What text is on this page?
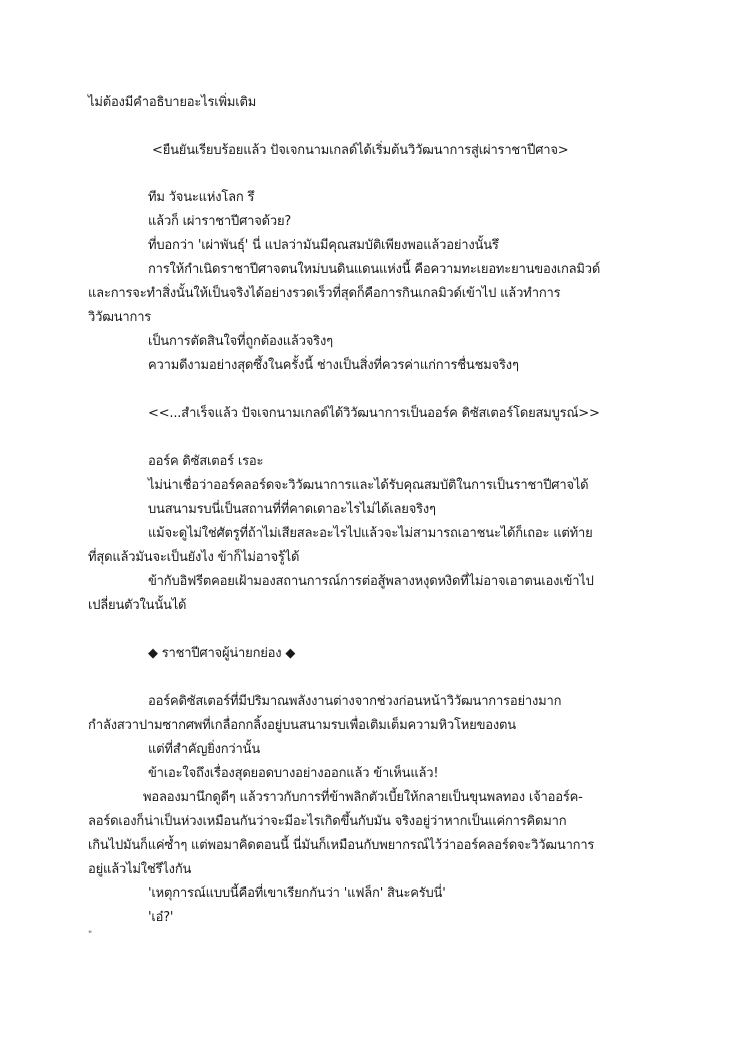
ไม่ต้องมีคำอธิบายอะไรเพิ่มเติม
<ยืนยันเรียบร้อยแล้ว ปัจเจกนามเกลด์ได้เริ่มต้นวิวัฒนาการสู่เผ่าราชาปีศาจ>
ทีม วัจนะแห่งโลก รึ
แล้วก็ เผ่าราชาปีศาจด้วย?
ที่บอกว่า 'เผ่าพันธุ์' นี่ แปลว่ามันมีคุณสมบัติเพียงพอแล้วอย่างนั้นรึ
การให้กำเนิดราชาปีศาจตนใหม่บนดินแดนแห่งนี้ คือความทะเยอทะยานของเกลมิวด์
และการจะทำสิ่งนั้นให้เป็นจริงได้อย่างรวดเร็วที่สุดก็คือการกินเกลมิวด์เข้าไป แล้วทำการ
วิวัฒนาการ
เป็นการตัดสินใจที่ถูกต้องแล้วจริงๆ
ความดีงามอย่างสุดซึ้งในครั้งนี้ ช่างเป็นสิ่งที่ควรค่าแก่การชื่นชมจริงๆ
<<...สำเร็จแล้ว ปัจเจกนามเกลด์ได้วิวัฒนาการเป็นออร์ค ดิซัสเตอร์โดยสมบูรณ์>>
ออร์ค ดิซัสเตอร์ เรอะ
ไม่น่าเชื่อว่าออร์คลอร์ดจะวิวัฒนาการและได้รับคุณสมบัติในการเป็นราชาปีศาจได้
บนสนามรบนี่เป็นสถานที่ที่คาดเดาอะไรไม่ได้เลยจริงๆ
แม้จะดูไม่ใช่ศัตรูที่ถ้าไม่เสียสละอะไรไปแล้วจะไม่สามารถเอาชนะได้ก็เถอะ แต่ท้าย
ที่สุดแล้วมันจะเป็นยังไง ข้าก็ไม่อาจรู้ได้
ข้ากับอิฟรีตคอยเฝ้ามองสถานการณ์การต่อสู้พลางหงุดหงิดที่ไม่อาจเอาตนเองเข้าไป
เปลี่ยนตัวในนั้นได้
◆ ราชาปีศาจผู้น่ายกย่อง ◆
ออร์คดิซัสเตอร์ที่มีปริมาณพลังงานต่างจากช่วงก่อนหน้าวิวัฒนาการอย่างมาก
กำลังสวาปามซากศพที่เกลื่อกกลิ้งอยู่บนสนามรบเพื่อเติมเต็มความหิวโหยของตน
แต่ที่สำคัญยิ่งกว่านั้น
ข้าเอะใจถึงเรื่องสุดยอดบางอย่างออกแล้ว ข้าเห็นแล้ว!
พอลองมานึกดูดีๆ แล้วราวกับการที่ข้าพลิกตัวเบี้ยให้กลายเป็นขุนพลทอง เจ้าออร์ค-
ลอร์ดเองก็น่าเป็นห่วงเหมือนกันว่าจะมีอะไรเกิดขึ้นกับมัน จริงอยู่ว่าหากเป็นแค่การคิดมาก
เกินไปมันก็แค่ซ้ำๆ แต่พอมาคิดตอนนี้ นี่มันก็เหมือนกับพยากรณ์ไว้ว่าออร์คลอร์ดจะวิวัฒนาการ
อยู่แล้วไม่ใช่รึไงกัน
'เหตุการณ์แบบนี้คือที่เขาเรียกกันว่า 'แฟล็ก' สินะครับนี่'
'เอ๋?'
"
